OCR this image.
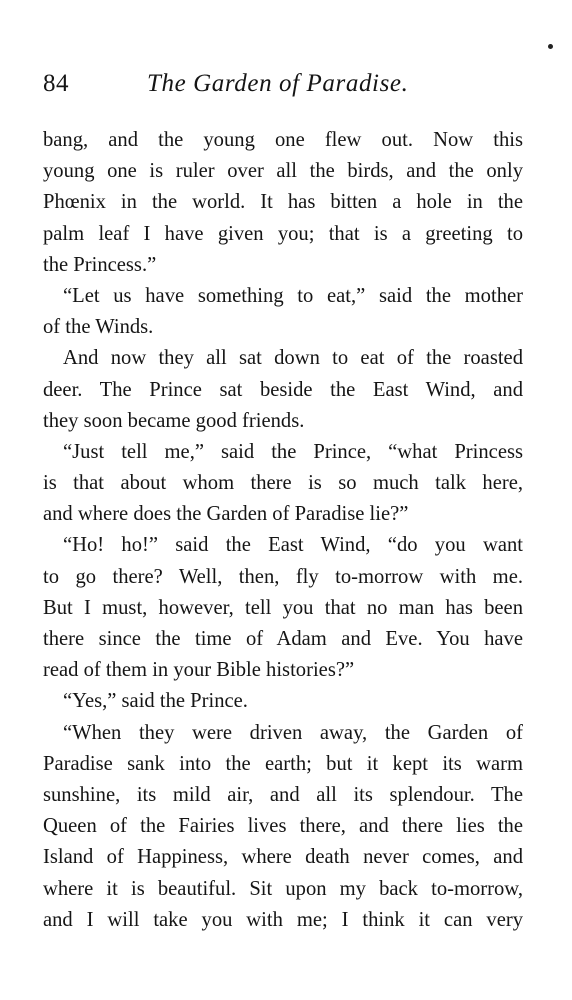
84	The Garden of Paradise.
bang, and the young one flew out. Now this
young one is ruler over all the birds, and the only
Phœnix in the world. It has bitten a hole in the
palm leaf I have given you; that is a greeting to
the Princess.”
“Let us have something to eat,” said the mother
of the Winds.
And now they all sat down to eat of the roasted
deer. The Prince sat beside the East Wind, and
they soon became good friends.
“Just tell me,” said the Prince, “what Princess
is that about whom there is so much talk here,
and where does the Garden of Paradise lie?”
“Ho! ho!” said the East Wind, “do you want
to go there? Well, then, fly to-morrow with me.
But I must, however, tell you that no man has been
there since the time of Adam and Eve. You have
read of them in your Bible histories?”
“Yes,” said the Prince.
“When they were driven away, the Garden of
Paradise sank into the earth; but it kept its warm
sunshine, its mild air, and all its splendour. The
Queen of the Fairies lives there, and there lies the
Island of Happiness, where death never comes, and
where it is beautiful. Sit upon my back to-morrow,
and I will take you with me; I think it can very
